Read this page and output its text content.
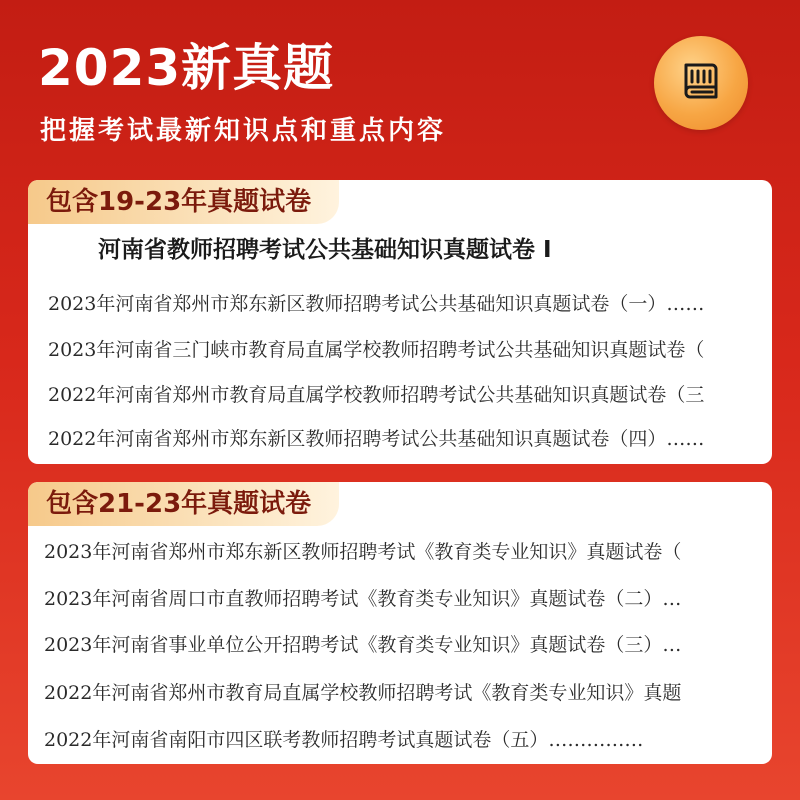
2023新真题
把握考试最新知识点和重点内容
包含19-23年真题试卷
河南省教师招聘考试公共基础知识真题试卷 I
2023年河南省郑州市郑东新区教师招聘考试公共基础知识真题试卷（一）……
2023年河南省三门峡市教育局直属学校教师招聘考试公共基础知识真题试卷（
2022年河南省郑州市教育局直属学校教师招聘考试公共基础知识真题试卷（三
2022年河南省郑州市郑东新区教师招聘考试公共基础知识真题试卷（四）……
包含21-23年真题试卷
2023年河南省郑州市郑东新区教师招聘考试《教育类专业知识》真题试卷（
2023年河南省周口市直教师招聘考试《教育类专业知识》真题试卷（二）…
2023年河南省事业单位公开招聘考试《教育类专业知识》真题试卷（三）…
2022年河南省郑州市教育局直属学校教师招聘考试《教育类专业知识》真题
2022年河南省南阳市四区联考教师招聘考试真题试卷（五）……………
